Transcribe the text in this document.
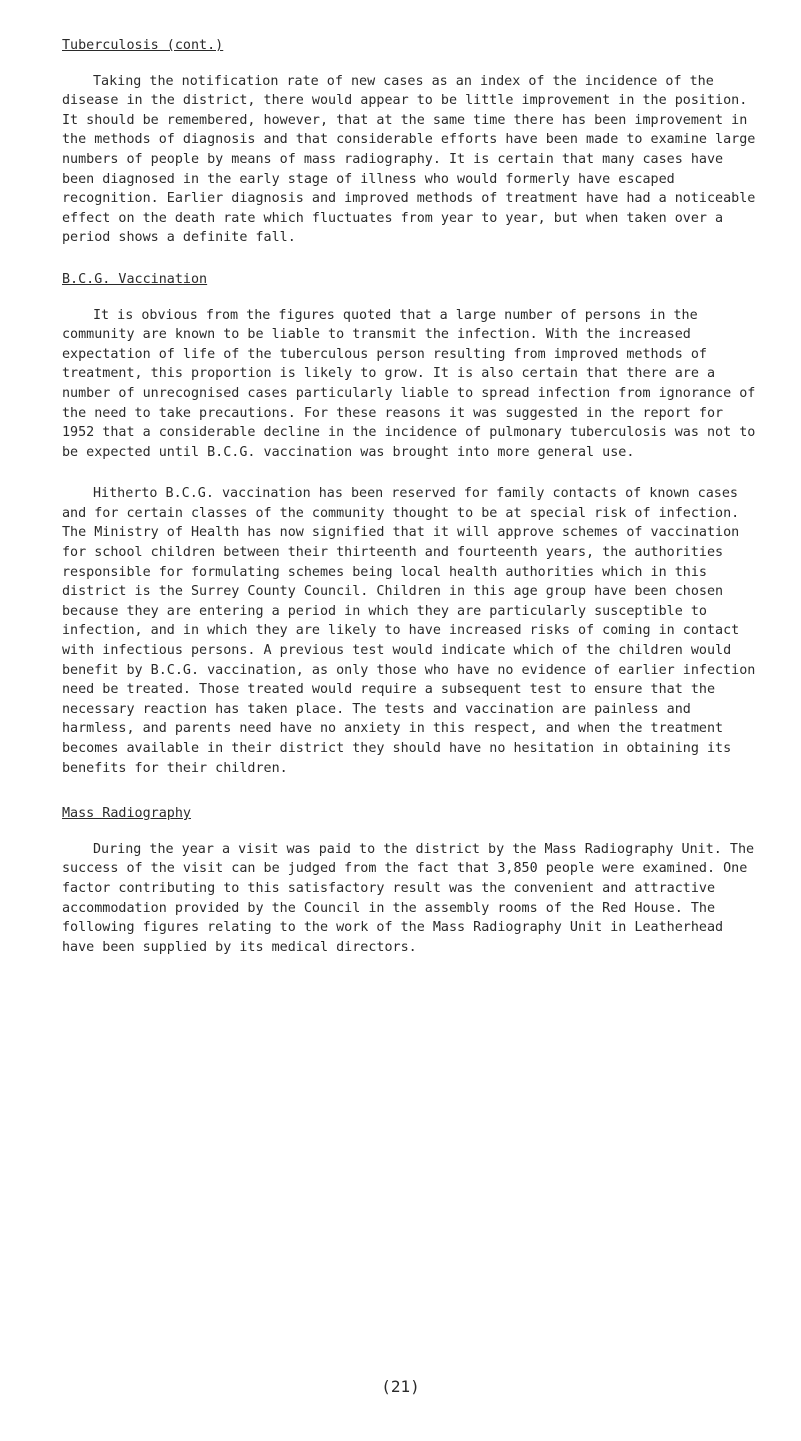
Tuberculosis (cont.)

Taking the notification rate of new cases as an index of the incidence of the disease in the district, there would appear to be little improvement in the position. It should be remembered, however, that at the same time there has been improvement in the methods of diagnosis and that considerable efforts have been made to examine large numbers of people by means of mass radiography. It is certain that many cases have been diagnosed in the early stage of illness who would formerly have escaped recognition. Earlier diagnosis and improved methods of treatment have had a noticeable effect on the death rate which fluctuates from year to year, but when taken over a period shows a definite fall.

B.C.G. Vaccination

It is obvious from the figures quoted that a large number of persons in the community are known to be liable to transmit the infection. With the increased expectation of life of the tuberculous person resulting from improved methods of treatment, this proportion is likely to grow. It is also certain that there are a number of unrecognised cases particularly liable to spread infection from ignorance of the need to take precautions. For these reasons it was suggested in the report for 1952 that a considerable decline in the incidence of pulmonary tuberculosis was not to be expected until B.C.G. vaccination was brought into more general use.

Hitherto B.C.G. vaccination has been reserved for family contacts of known cases and for certain classes of the community thought to be at special risk of infection. The Ministry of Health has now signified that it will approve schemes of vaccination for school children between their thirteenth and fourteenth years, the authorities responsible for formulating schemes being local health authorities which in this district is the Surrey County Council. Children in this age group have been chosen because they are entering a period in which they are particularly susceptible to infection, and in which they are likely to have increased risks of coming in contact with infectious persons. A previous test would indicate which of the children would benefit by B.C.G. vaccination, as only those who have no evidence of earlier infection need be treated. Those treated would require a subsequent test to ensure that the necessary reaction has taken place. The tests and vaccination are painless and harmless, and parents need have no anxiety in this respect, and when the treatment becomes available in their district they should have no hesitation in obtaining its benefits for their children.

Mass Radiography

During the year a visit was paid to the district by the Mass Radiography Unit. The success of the visit can be judged from the fact that 3,850 people were examined. One factor contributing to this satisfactory result was the convenient and attractive accommodation provided by the Council in the assembly rooms of the Red House. The following figures relating to the work of the Mass Radiography Unit in Leatherhead have been supplied by its medical directors.

(21)
